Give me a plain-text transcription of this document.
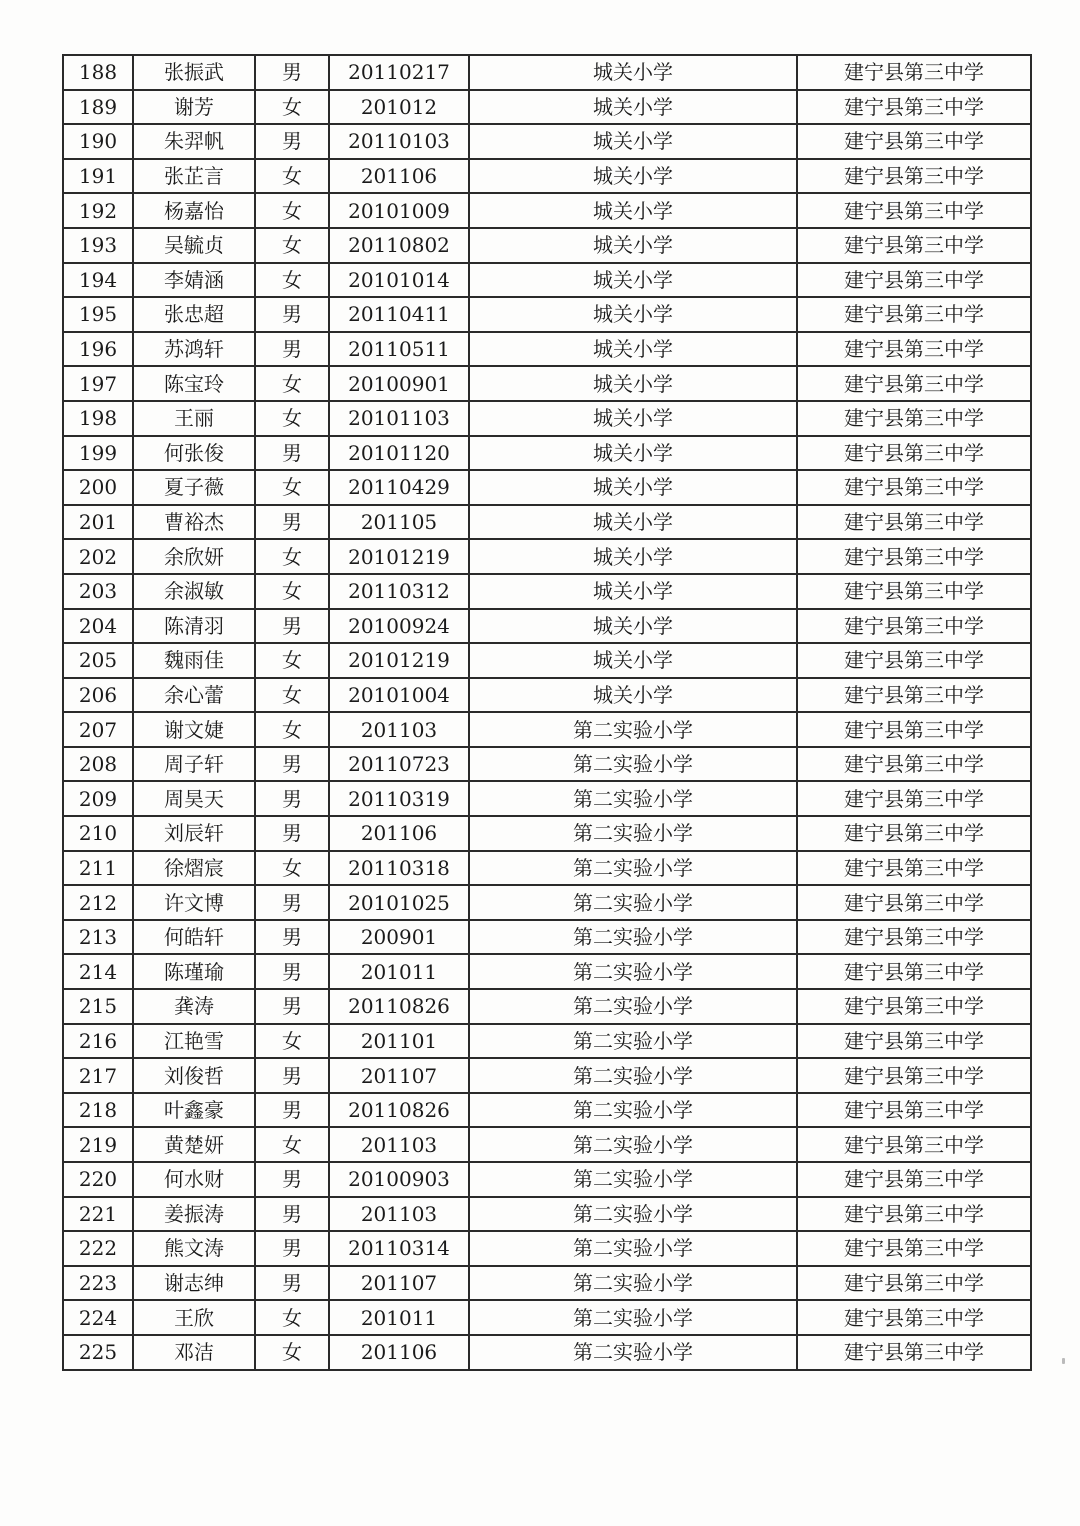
188	张振武	男	20110217	城关小学	建宁县第三中学
189	谢芳	女	201012	城关小学	建宁县第三中学
190	朱羿帆	男	20110103	城关小学	建宁县第三中学
191	张芷言	女	201106	城关小学	建宁县第三中学
192	杨嘉怡	女	20101009	城关小学	建宁县第三中学
193	吴毓贞	女	20110802	城关小学	建宁县第三中学
194	李婧涵	女	20101014	城关小学	建宁县第三中学
195	张忠超	男	20110411	城关小学	建宁县第三中学
196	苏鸿轩	男	20110511	城关小学	建宁县第三中学
197	陈宝玲	女	20100901	城关小学	建宁县第三中学
198	王丽	女	20101103	城关小学	建宁县第三中学
199	何张俊	男	20101120	城关小学	建宁县第三中学
200	夏子薇	女	20110429	城关小学	建宁县第三中学
201	曹裕杰	男	201105	城关小学	建宁县第三中学
202	余欣妍	女	20101219	城关小学	建宁县第三中学
203	余淑敏	女	20110312	城关小学	建宁县第三中学
204	陈清羽	男	20100924	城关小学	建宁县第三中学
205	魏雨佳	女	20101219	城关小学	建宁县第三中学
206	余心蕾	女	20101004	城关小学	建宁县第三中学
207	谢文婕	女	201103	第二实验小学	建宁县第三中学
208	周子轩	男	20110723	第二实验小学	建宁县第三中学
209	周昊天	男	20110319	第二实验小学	建宁县第三中学
210	刘辰轩	男	201106	第二实验小学	建宁县第三中学
211	徐熠宸	女	20110318	第二实验小学	建宁县第三中学
212	许文博	男	20101025	第二实验小学	建宁县第三中学
213	何皓轩	男	200901	第二实验小学	建宁县第三中学
214	陈瑾瑜	男	201011	第二实验小学	建宁县第三中学
215	龚涛	男	20110826	第二实验小学	建宁县第三中学
216	江艳雪	女	201101	第二实验小学	建宁县第三中学
217	刘俊哲	男	201107	第二实验小学	建宁县第三中学
218	叶鑫豪	男	20110826	第二实验小学	建宁县第三中学
219	黄楚妍	女	201103	第二实验小学	建宁县第三中学
220	何水财	男	20100903	第二实验小学	建宁县第三中学
221	姜振涛	男	201103	第二实验小学	建宁县第三中学
222	熊文涛	男	20110314	第二实验小学	建宁县第三中学
223	谢志绅	男	201107	第二实验小学	建宁县第三中学
224	王欣	女	201011	第二实验小学	建宁县第三中学
225	邓洁	女	201106	第二实验小学	建宁县第三中学
